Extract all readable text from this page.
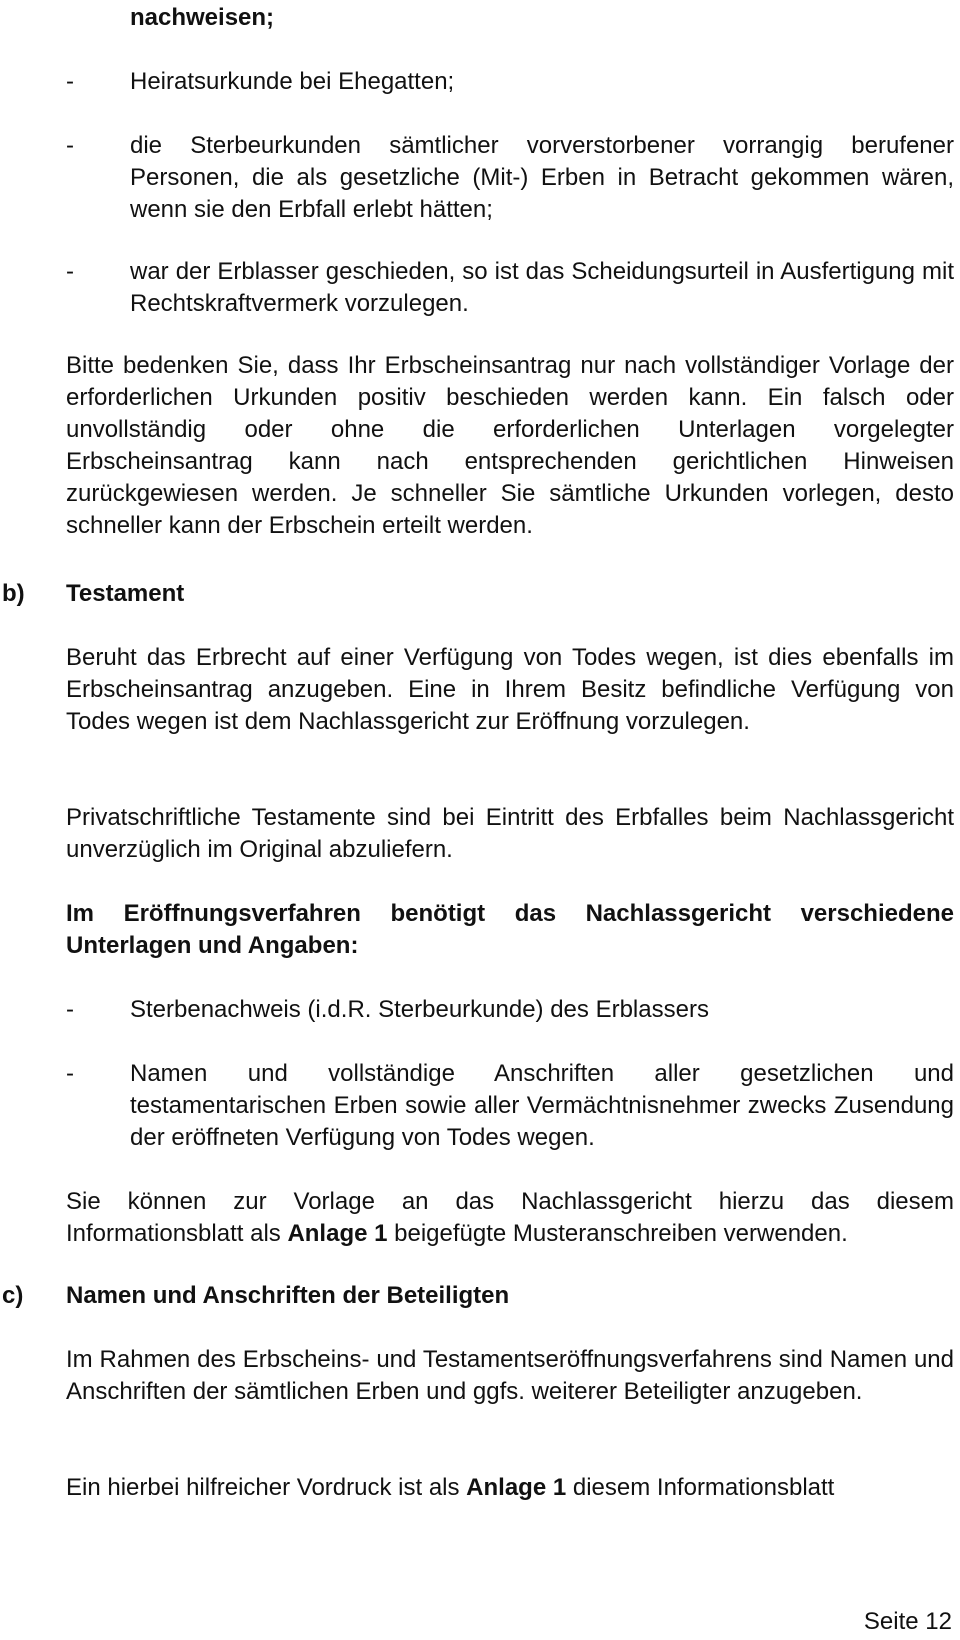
nachweisen;

- Heiratsurkunde bei Ehegatten;

- die Sterbeurkunden sämtlicher vorverstorbener vorrangig berufener Personen, die als gesetzliche (Mit-) Erben in Betracht gekommen wären, wenn sie den Erbfall erlebt hätten;

- war der Erblasser geschieden, so ist das Scheidungsurteil in Ausfertigung mit Rechtskraftvermerk vorzulegen.

Bitte bedenken Sie, dass Ihr Erbscheinsantrag nur nach vollständiger Vorlage der erforderlichen Urkunden positiv beschieden werden kann. Ein falsch oder unvollständig oder ohne die erforderlichen Unterlagen vorgelegter Erbscheinsantrag kann nach entsprechenden gerichtlichen Hinweisen zurückgewiesen werden. Je schneller Sie sämtliche Urkunden vorlegen, desto schneller kann der Erbschein erteilt werden.

b) Testament

Beruht das Erbrecht auf einer Verfügung von Todes wegen, ist dies ebenfalls im Erbscheinsantrag anzugeben. Eine in Ihrem Besitz befindliche Verfügung von Todes wegen ist dem Nachlassgericht zur Eröffnung vorzulegen.

Privatschriftliche Testamente sind bei Eintritt des Erbfalles beim Nachlassgericht unverzüglich im Original abzuliefern.

Im Eröffnungsverfahren benötigt das Nachlassgericht verschiedene Unterlagen und Angaben:

- Sterbenachweis (i.d.R. Sterbeurkunde) des Erblassers

- Namen und vollständige Anschriften aller gesetzlichen und testamentarischen Erben sowie aller Vermächtnisnehmer zwecks Zusendung der eröffneten Verfügung von Todes wegen.

Sie können zur Vorlage an das Nachlassgericht hierzu das diesem Informationsblatt als Anlage 1 beigefügte Musteranschreiben verwenden.

c) Namen und Anschriften der Beteiligten

Im Rahmen des Erbscheins- und Testamentseröffnungsverfahrens sind Namen und Anschriften der sämtlichen Erben und ggfs. weiterer Beteiligter anzugeben.

Ein hierbei hilfreicher Vordruck ist als Anlage 1 diesem Informationsblatt

Seite 12
